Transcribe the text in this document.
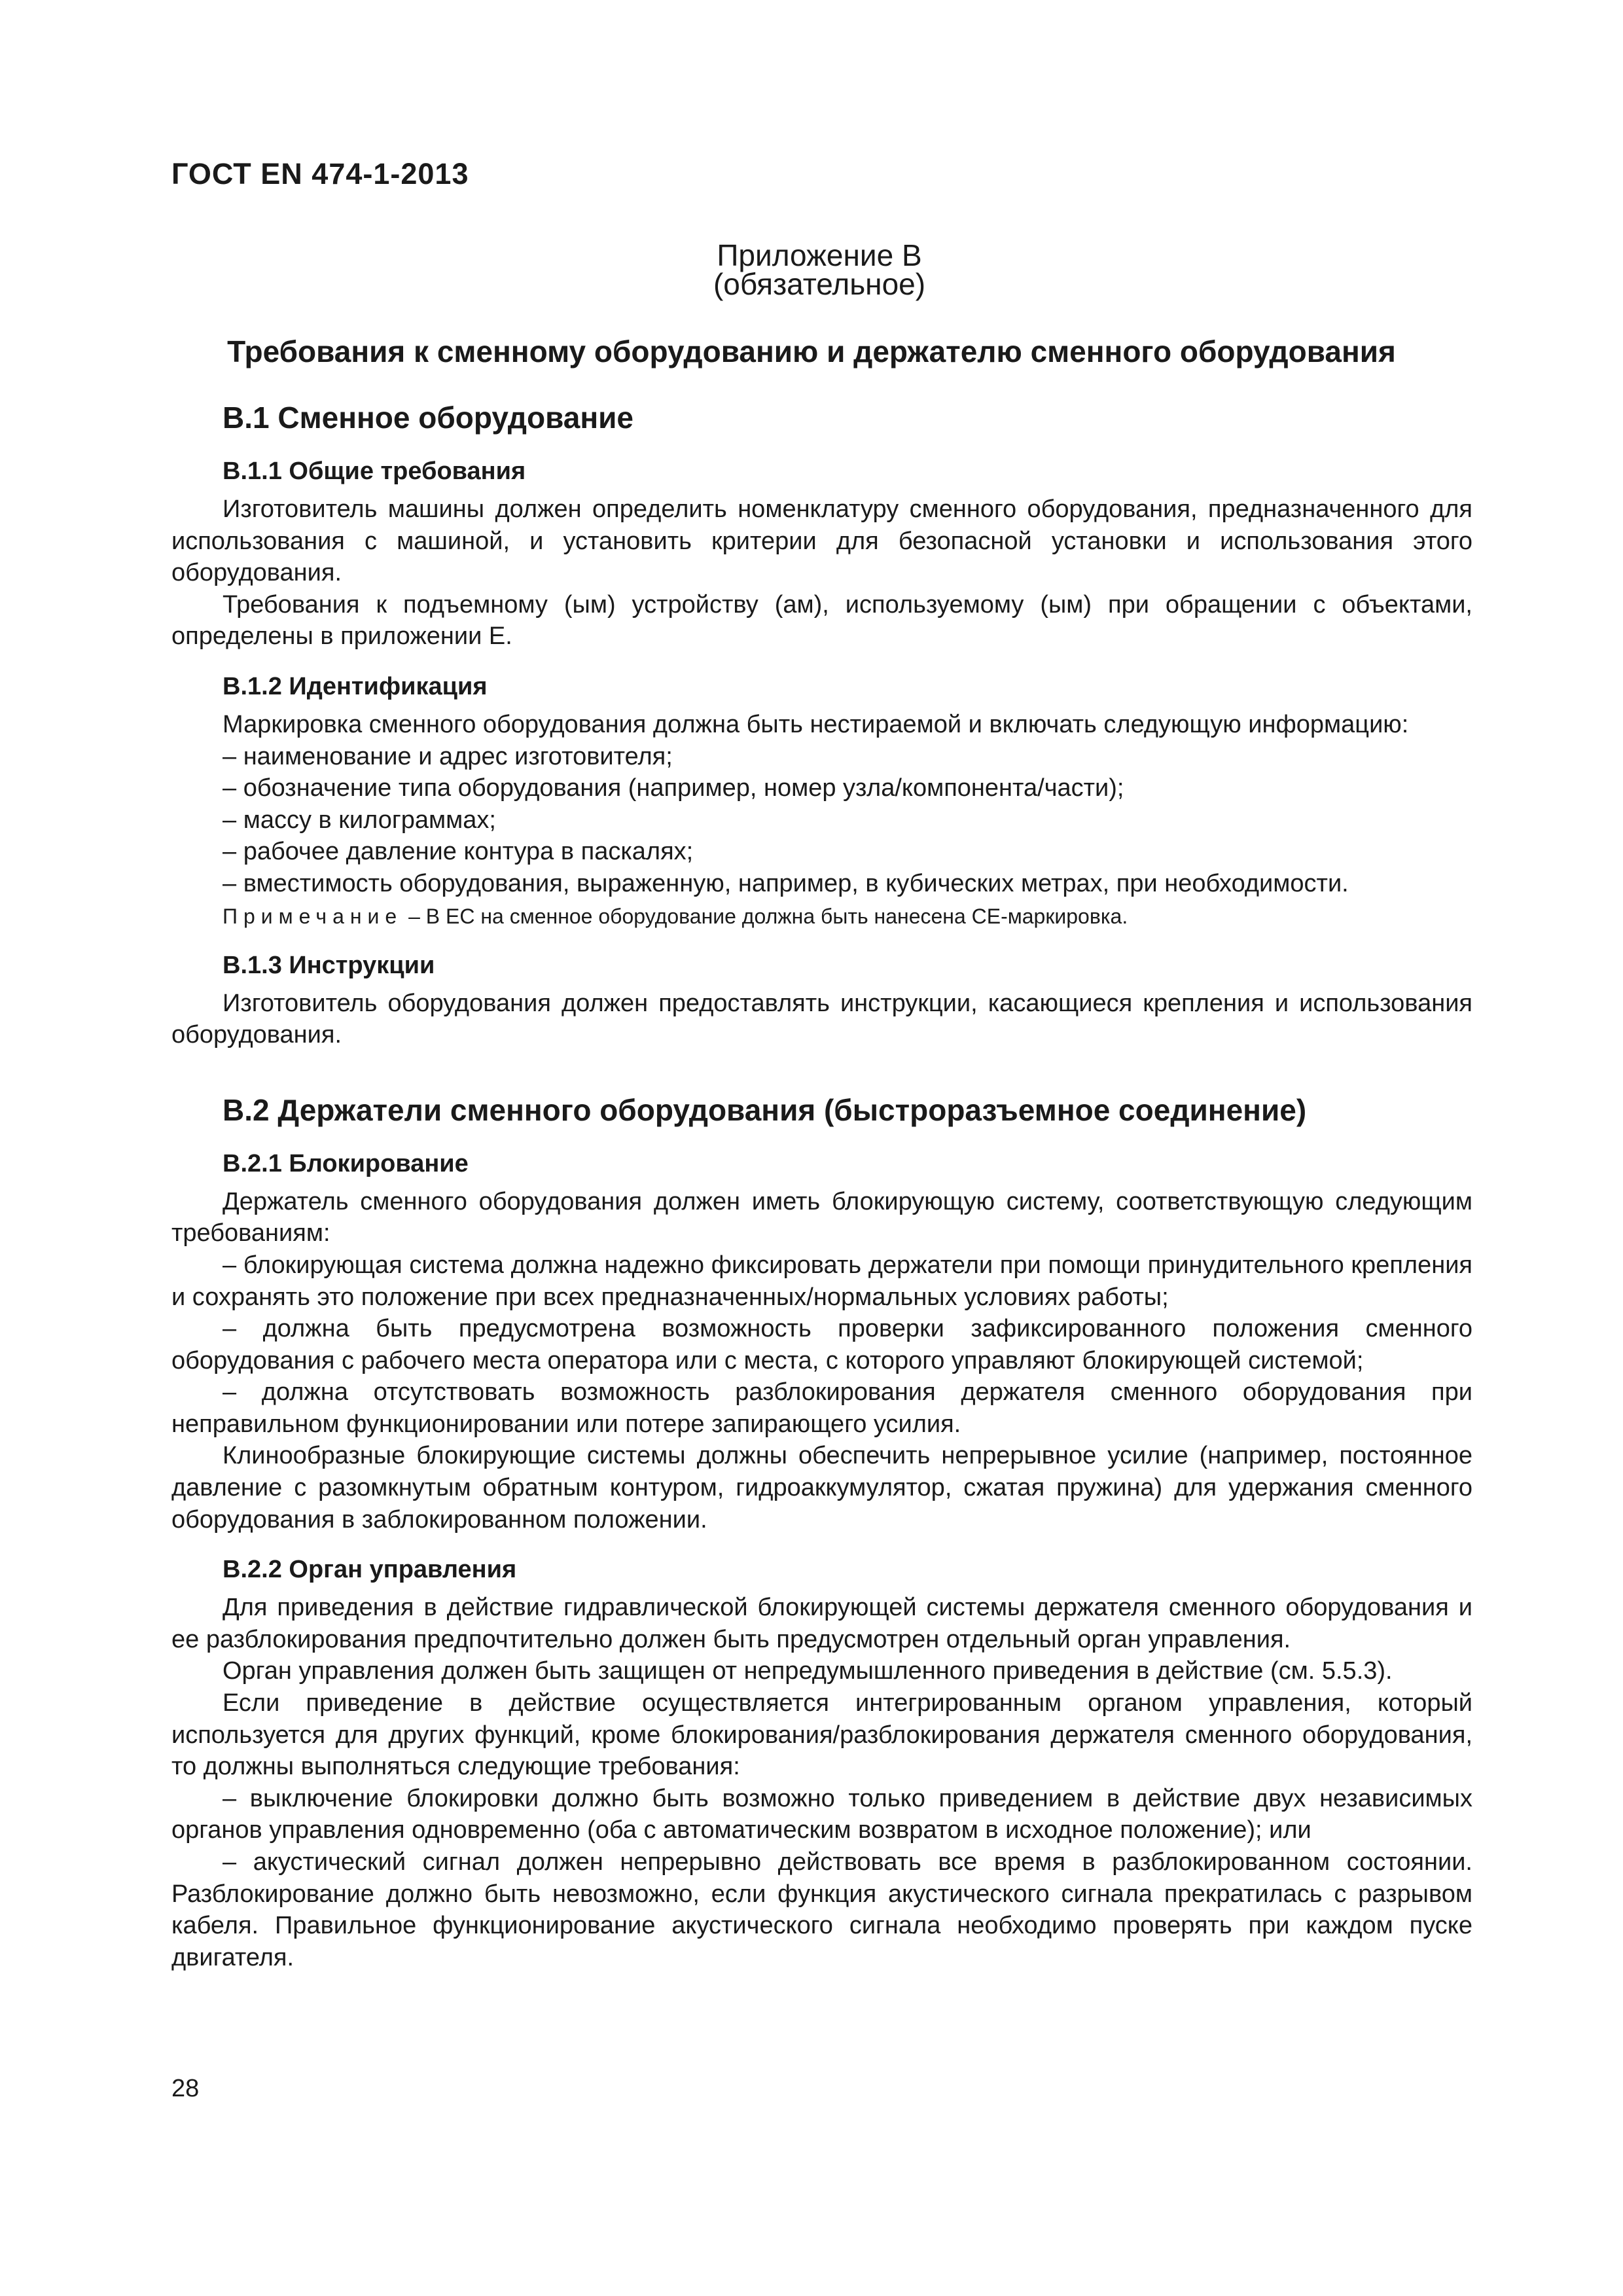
ГОСТ EN 474-1-2013
Приложение В
(обязательное)
Требования к сменному оборудованию и держателю сменного оборудования
В.1 Сменное оборудование
В.1.1 Общие требования

Изготовитель машины должен определить номенклатуру сменного оборудования, предназначенного для использования с машиной, и установить критерии для безопасной установки и использования этого оборудования.

Требования к подъемному (ым) устройству (ам), используемому (ым) при обращении с объектами, определены в приложении Е.

В.1.2 Идентификация

Маркировка сменного оборудования должна быть нестираемой и включать следующую информацию:

– наименование и адрес изготовителя;

– обозначение типа оборудования (например, номер узла/компонента/части);

– массу в килограммах;

– рабочее давление контура в паскалях;

– вместимость оборудования, выраженную, например, в кубических метрах, при необходимости.

Примечание – В ЕС на сменное оборудование должна быть нанесена СЕ-маркировка.

В.1.3 Инструкции

Изготовитель оборудования должен предоставлять инструкции, касающиеся крепления и использования оборудования.

В.2 Держатели сменного оборудования (быстроразъемное соединение)
В.2.1 Блокирование

Держатель сменного оборудования должен иметь блокирующую систему, соответствующую следующим требованиям:

– блокирующая система должна надежно фиксировать держатели при помощи принудительного крепления и сохранять это положение при всех предназначенных/нормальных условиях работы;

– должна быть предусмотрена возможность проверки зафиксированного положения сменного оборудования с рабочего места оператора или с места, с которого управляют блокирующей системой;

– должна отсутствовать возможность разблокирования держателя сменного оборудования при неправильном функционировании или потере запирающего усилия.

Клинообразные блокирующие системы должны обеспечить непрерывное усилие (например, постоянное давление с разомкнутым обратным контуром, гидроаккумулятор, сжатая пружина) для удержания сменного оборудования в заблокированном положении.

В.2.2 Орган управления

Для приведения в действие гидравлической блокирующей системы держателя сменного оборудования и ее разблокирования предпочтительно должен быть предусмотрен отдельный орган управления.

Орган управления должен быть защищен от непредумышленного приведения в действие (см. 5.5.3).

Если приведение в действие осуществляется интегрированным органом управления, который используется для других функций, кроме блокирования/разблокирования держателя сменного оборудования, то должны выполняться следующие требования:

– выключение блокировки должно быть возможно только приведением в действие двух независимых органов управления одновременно (оба с автоматическим возвратом в исходное положение); или

– акустический сигнал должен непрерывно действовать все время в разблокированном состоянии. Разблокирование должно быть невозможно, если функция акустического сигнала прекратилась с разрывом кабеля. Правильное функционирование акустического сигнала необходимо проверять при каждом пуске двигателя.

28
